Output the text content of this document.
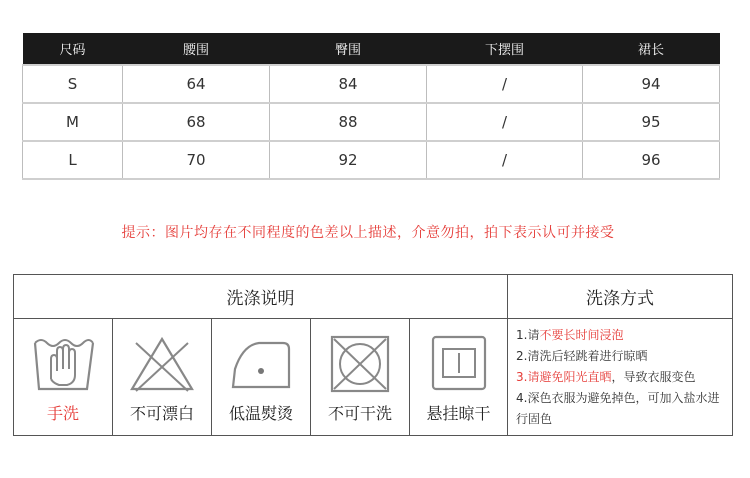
尺码	腰围	臀围	下摆围	裙长
S	64	84	/	94
M	68	88	/	95
L	70	92	/	96
提示：图片均存在不同程度的色差以上描述，介意勿拍，拍下表示认可并接受
洗涤说明	洗涤方式
手洗	不可漂白	低温熨烫	不可干洗	悬挂晾干
1.请不要长时间浸泡
2.清洗后轻跳着进行晾晒
3.请避免阳光直晒，导致衣服变色
4.深色衣服为避免掉色，可加入盐水进行固色
